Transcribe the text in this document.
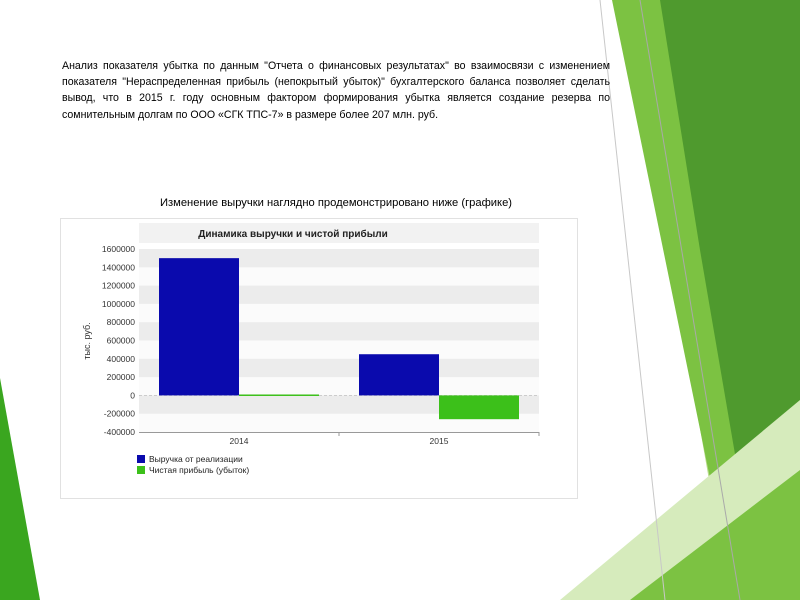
Анализ показателя убытка по данным "Отчета о финансовых результатах" во взаимосвязи с изменением показателя "Нераспределенная прибыль (непокрытый убыток)" бухгалтерского баланса позволяет сделать вывод, что в 2015 г. году основным фактором формирования убытка является создание резерва по сомнительным долгам по ООО «СГК ТПС-7» в размере более 207 млн. руб.

Изменение выручки наглядно продемонстрировано ниже (графике)

Динамика выручки и чистой прибыли
1600000
1400000
1200000
1000000
800000
600000
400000
200000
0
-200000
-400000
2014	2015
тыс. руб.
Выручка от реализации
Чистая прибыль (убыток)
